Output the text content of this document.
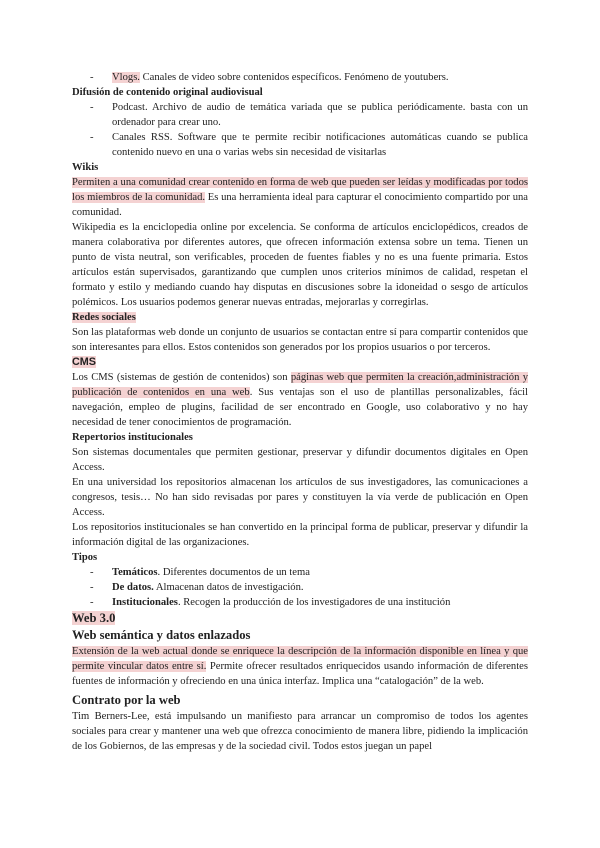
-	Vlogs. Canales de video sobre contenidos específicos. Fenómeno de youtubers.

Difusión de contenido original audiovisual

-	Podcast. Archivo de audio de temática variada que se publica periódicamente. basta con un ordenador para crear uno.
-	Canales RSS. Software que te permite recibir notificaciones automáticas cuando se publica contenido nuevo en una o varias webs sin necesidad de visitarlas

Wikis

Permiten a una comunidad crear contenido en forma de web que pueden ser leídas y modificadas por todos los miembros de la comunidad. Es una herramienta ideal para capturar el conocimiento compartido por una comunidad.

Wikipedia es la enciclopedia online por excelencia. Se conforma de artículos enciclopédicos, creados de manera colaborativa por diferentes autores, que ofrecen información extensa sobre un tema. Tienen un punto de vista neutral, son verificables, proceden de fuentes fiables y no es una fuente primaria. Estos artículos están supervisados, garantizando que cumplen unos criterios mínimos de calidad, respetan el formato y estilo y mediando cuando hay disputas en discusiones sobre la idoneidad o sesgo de artículos polémicos. Los usuarios podemos generar nuevas entradas, mejorarlas y corregirlas.

Redes sociales

Son las plataformas web donde un conjunto de usuarios se contactan entre sí para compartir contenidos que son interesantes para ellos. Estos contenidos son generados por los propios usuarios o por terceros.

CMS

Los CMS (sistemas de gestión de contenidos) son páginas web que permiten la creación,administración y publicación de contenidos en una web. Sus ventajas son el uso de plantillas personalizables, fácil navegación, empleo de plugins, facilidad de ser encontrado en Google, uso colaborativo y no hay necesidad de tener conocimientos de programación.

Repertorios institucionales

Son sistemas documentales que permiten gestionar, preservar y difundir documentos digitales en Open Access.

En una universidad los repositorios almacenan los artículos de sus investigadores, las comunicaciones a congresos, tesis… No han sido revisadas por pares y constituyen la vía verde de publicación en Open Access.

Los repositorios institucionales se han convertido en la principal forma de publicar, preservar y difundir la información digital de las organizaciones.

Tipos

-	Temáticos. Diferentes documentos de un tema
-	De datos. Almacenan datos de investigación.
-	Institucionales. Recogen la producción de los investigadores de una institución

Web 3.0

Web semántica y datos enlazados

Extensión de la web actual donde se enriquece la descripción de la información disponible en línea y que permite vincular datos entre sí. Permite ofrecer resultados enriquecidos usando información de diferentes fuentes de información y ofreciendo en una única interfaz. Implica una “catalogación” de la web.

Contrato por la web

Tim Berners-Lee, está impulsando un manifiesto para arrancar un compromiso de todos los agentes sociales para crear y mantener una web que ofrezca conocimiento de manera libre, pidiendo la implicación de los Gobiernos, de las empresas y de la sociedad civil. Todos estos juegan un papel
